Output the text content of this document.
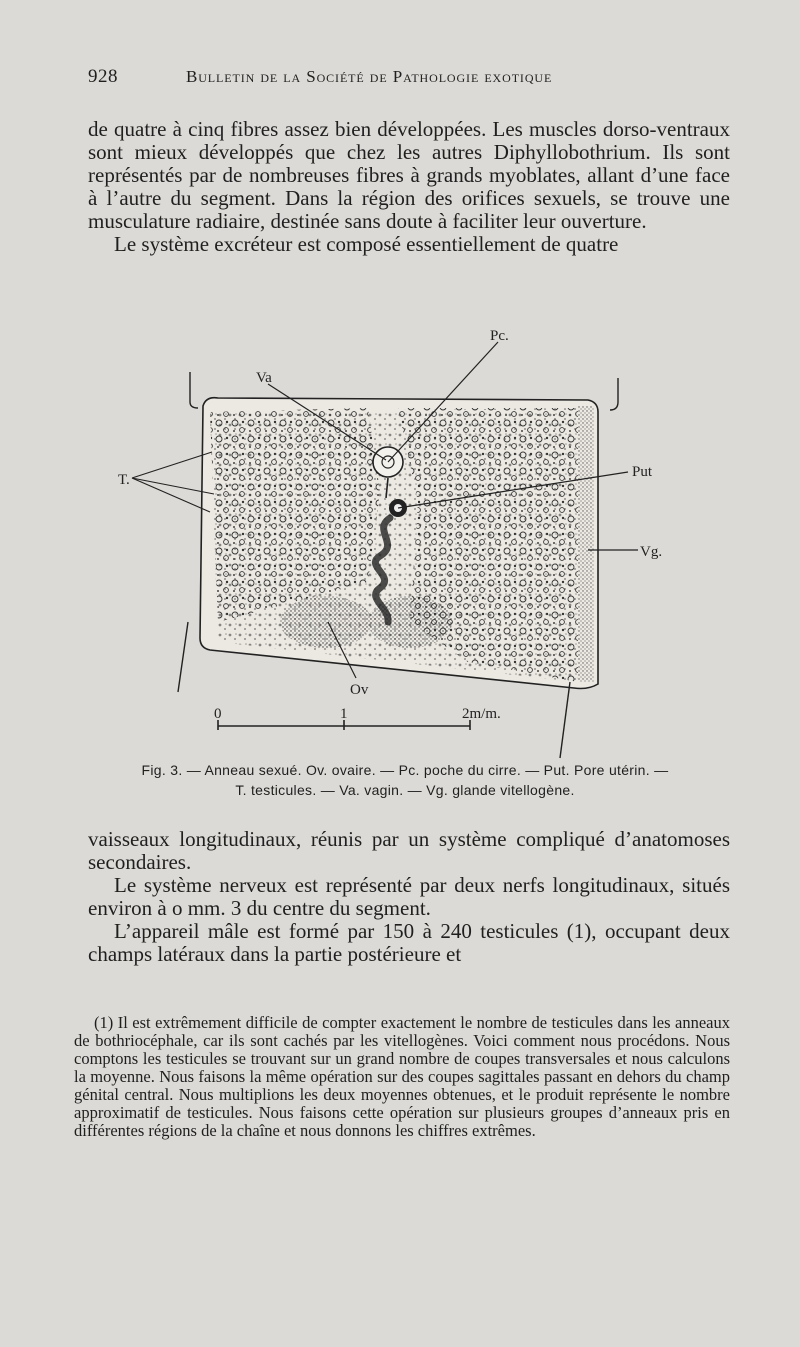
928	Bulletin de la Société de Pathologie exotique

de quatre à cinq fibres assez bien développées. Les muscles dorso-ventraux sont mieux développés que chez les autres Diphyllobothrium. Ils sont représentés par de nombreuses fibres à grands myoblates, allant d’une face à l’autre du segment. Dans la région des orifices sexuels, se trouve une musculature radiaire, destinée sans doute à faciliter leur ouverture.

Le système excréteur est composé essentiellement de quatre

Pc.
Va
T.	Put
Vg.
Ov
0	1	2m/m.
Fig. 3. — Anneau sexué. Ov. ovaire. — Pc. poche du cirre. — Put. Pore utérin. —
T. testicules. — Va. vagin. — Vg. glande vitellogène.

vaisseaux longitudinaux, réunis par un système compliqué d’anatomoses secondaires.

Le système nerveux est représenté par deux nerfs longitudinaux, situés environ à o mm. 3 du centre du segment.

L’appareil mâle est formé par 150 à 240 testicules (1), occupant deux champs latéraux dans la partie postérieure et

(1) Il est extrêmement difficile de compter exactement le nombre de testicules dans les anneaux de bothriocéphale, car ils sont cachés par les vitellogènes. Voici comment nous procédons. Nous comptons les testicules se trouvant sur un grand nombre de coupes transversales et nous calculons la moyenne. Nous faisons la même opération sur des coupes sagittales passant en dehors du champ génital central. Nous multiplions les deux moyennes obtenues, et le produit représente le nombre approximatif de testicules. Nous faisons cette opération sur plusieurs groupes d’anneaux pris en différentes régions de la chaîne et nous donnons les chiffres extrêmes.
